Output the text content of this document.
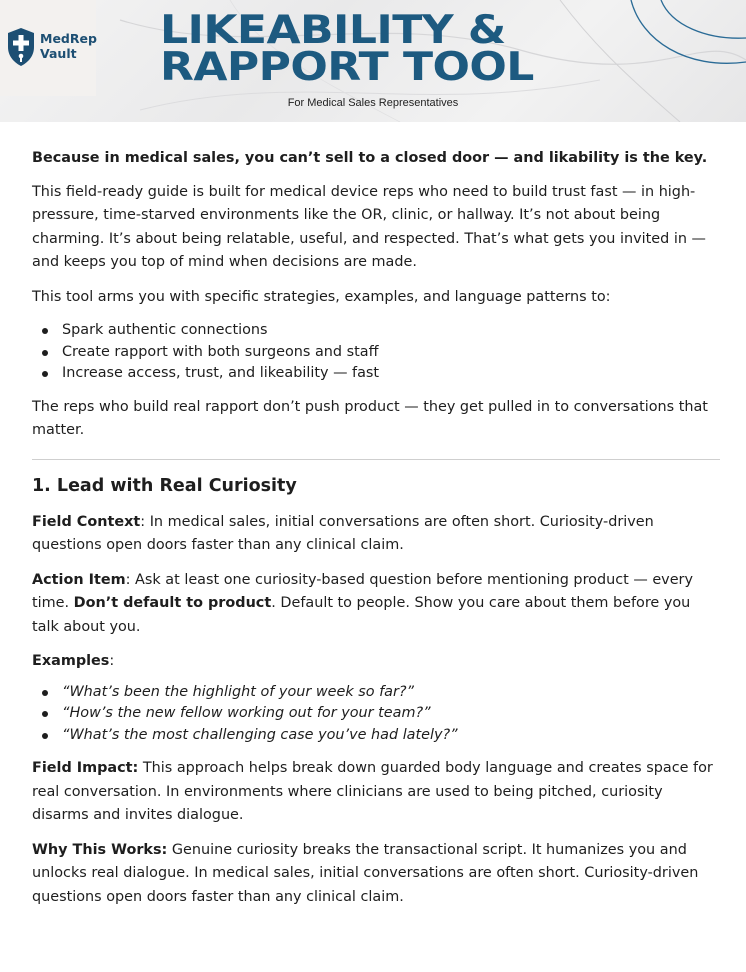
MedRep
Vault
LIKEABILITY &
RAPPORT TOOL
For Medical Sales Representatives

Because in medical sales, you can’t sell to a closed door — and likability is the key.

This field-ready guide is built for medical device reps who need to build trust fast — in high-pressure, time-starved environments like the OR, clinic, or hallway. It’s not about being charming. It’s about being relatable, useful, and respected. That’s what gets you invited in — and keeps you top of mind when decisions are made.

This tool arms you with specific strategies, examples, and language patterns to:

Spark authentic connections
Create rapport with both surgeons and staff
Increase access, trust, and likeability — fast

The reps who build real rapport don’t push product — they get pulled in to conversations that matter.

1. Lead with Real Curiosity

Field Context: In medical sales, initial conversations are often short. Curiosity-driven questions open doors faster than any clinical claim.

Action Item: Ask at least one curiosity-based question before mentioning product — every time. Don’t default to product. Default to people. Show you care about them before you talk about you.

Examples:

“What’s been the highlight of your week so far?”
“How’s the new fellow working out for your team?”
“What’s the most challenging case you’ve had lately?”

Field Impact: This approach helps break down guarded body language and creates space for real conversation. In environments where clinicians are used to being pitched, curiosity disarms and invites dialogue.

Why This Works: Genuine curiosity breaks the transactional script. It humanizes you and unlocks real dialogue. In medical sales, initial conversations are often short. Curiosity-driven questions open doors faster than any clinical claim.
